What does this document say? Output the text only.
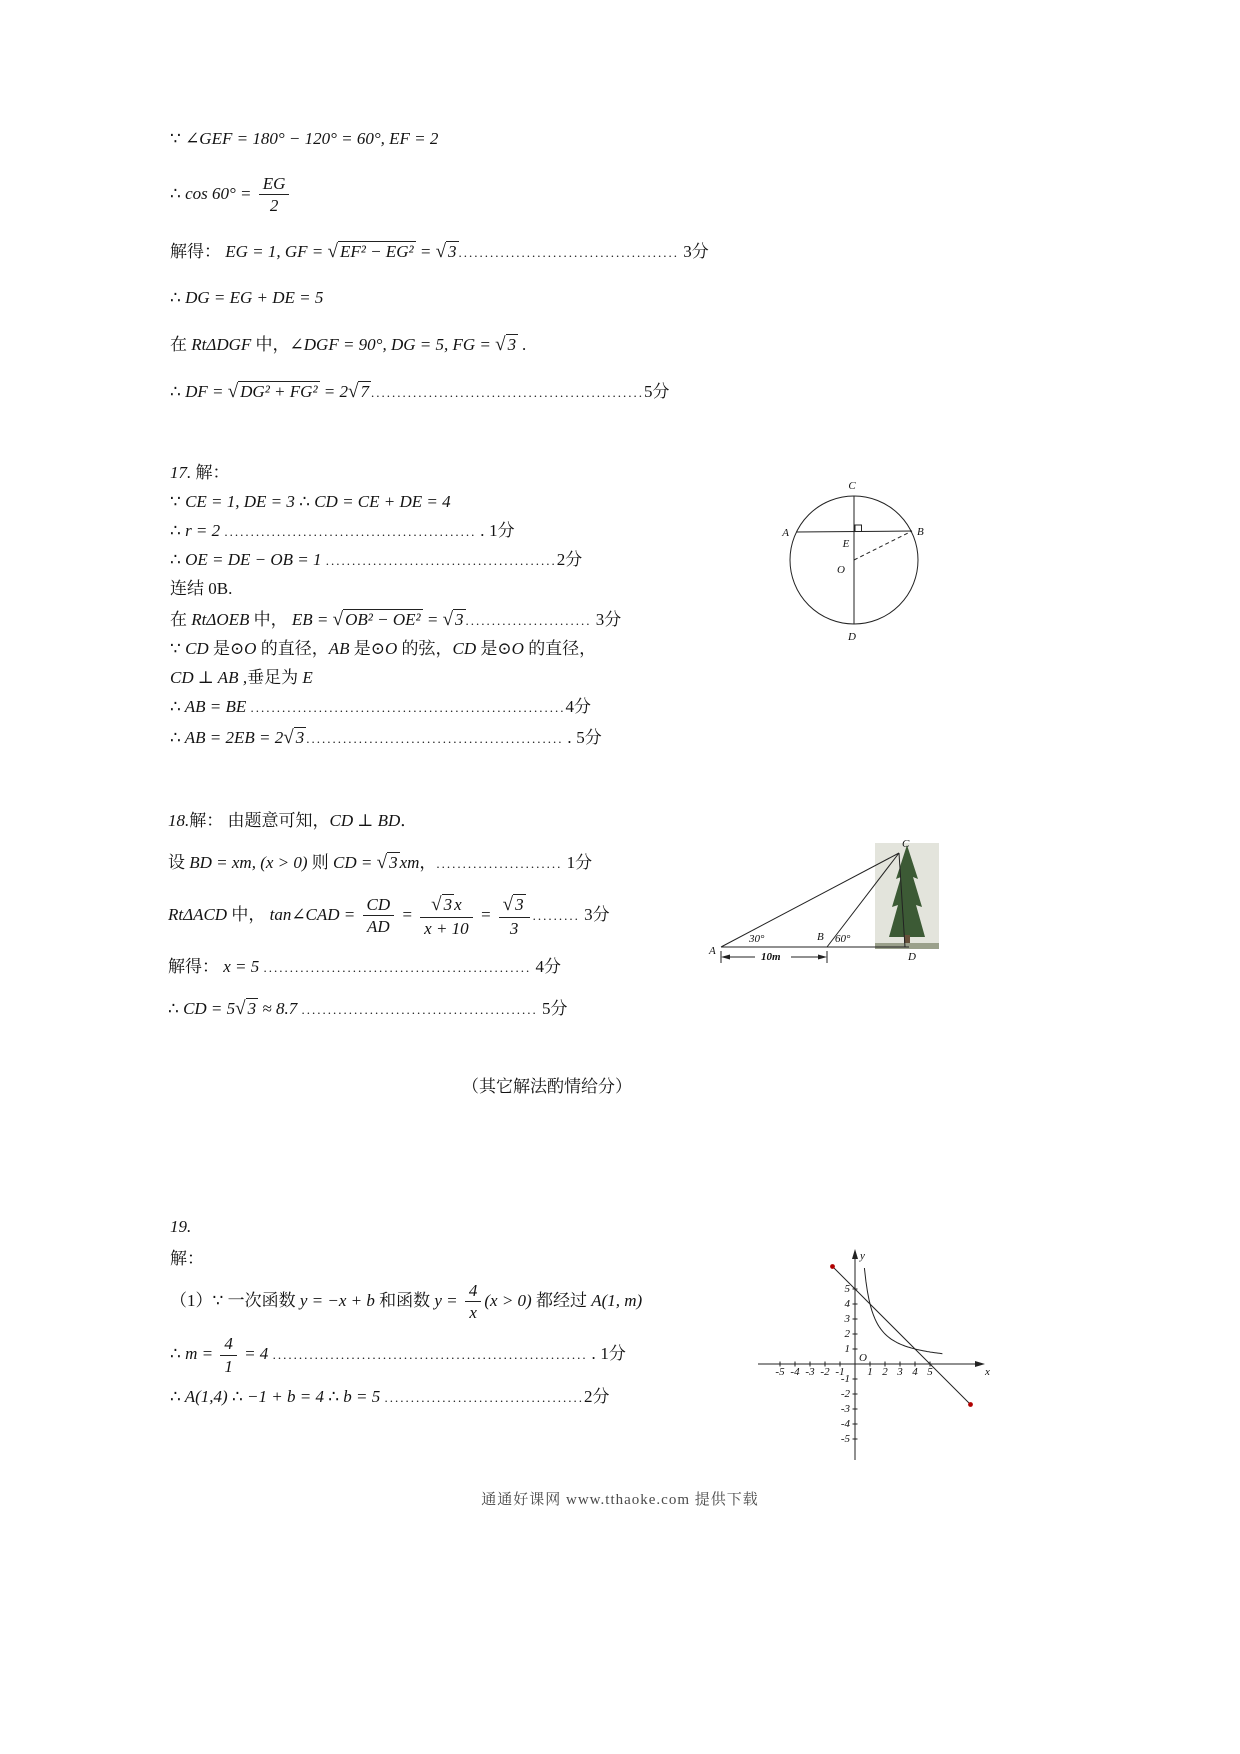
∵ ∠GEF = 180° − 120° = 60°, EF = 2
∴ $\cos 60^\circ = \frac{EG}{2}$
解得： EG = 1, GF = √ EF² − EG² = √ 3 .......................................... 3分
∴ DG = EG + DE = 5
在 RtΔDGF 中，∠DGF = 90°, DG = 5, FG = √ 3 .
∴ DF = √ DG² + FG² = 2√ 7 ....................................................5分
17. 解：
∵ CE = 1, DE = 3 ∴ CD = CE + DE = 4
∴ r = 2 ................................................ . 1分
∴ OE = DE − OB = 1 ............................................2分
连结 0B.
在 RtΔOEB 中， EB = √ OB² − OE² = √ 3 ........................ 3分
∵ CD 是⊙O 的直径，AB 是⊙O 的弦，CD 是⊙O 的直径，
CD ⊥ AB ,垂足为 E
∴ AB = BE ............................................................4分
∴ AB = 2EB = 2√ 3 ................................................. . 5分
18.解： 由题意可知，CD ⊥ BD．
设 BD = xm, (x > 0) 则 CD = √ 3 xm，........................ 1分
RtΔACD 中， tan∠CAD = $\frac{CD}{AD} = \frac{√ 3 x}{x + 10} = \frac{√ 3}{3}$ ......... 3分
解得： x = 5 ................................................... 4分
∴ CD = 5√ 3 ≈ 8.7 ............................................. 5分
（其它解法酌情给分）
19.
解：
（1）∵ 一次函数 y = −x + b 和函数 $y = \frac{4}{x} (x > 0)$ 都经过 A(1, m)
∴ $m = \frac{4}{1} = 4$ ............................................................ . 1分
∴ A(1,4) ∴ −1 + b = 4 ∴ b = 5 ......................................2分
C
A	B
E
O
D
10m
A
B
C
D
30°	60°
x
y
O
-5 -4 -3 -2 -1 1 2 3 4 5
5
4
3
2
1
-1
-2
-3
-4
-5
通通好课网 www.tthaoke.com 提供下载
